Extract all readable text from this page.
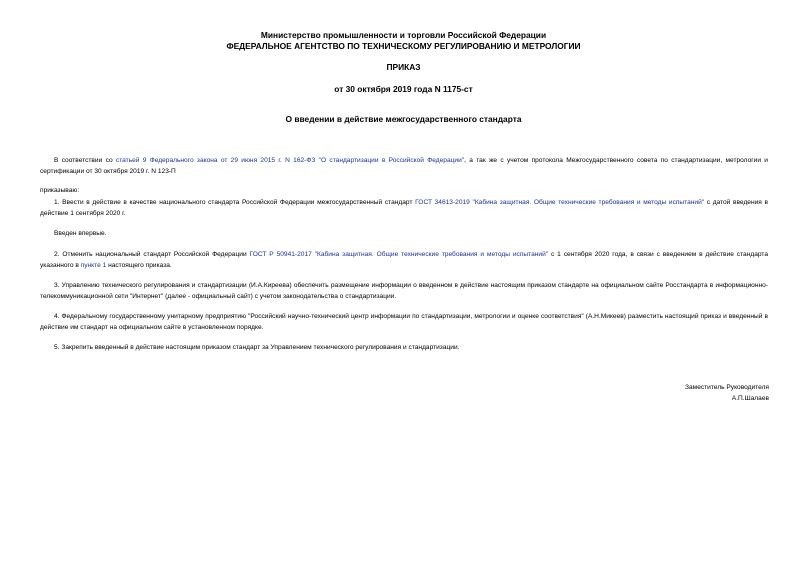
Министерство промышленности и торговли Российской Федерации
ФЕДЕРАЛЬНОЕ АГЕНТСТВО ПО ТЕХНИЧЕСКОМУ РЕГУЛИРОВАНИЮ И МЕТРОЛОГИИ
ПРИКАЗ
от 30 октября 2019 года N 1175-ст
О введении в действие межгосударственного стандарта
В соответствии со статьей 9 Федерального закона от 29 июня 2015 г. N 162-ФЗ "О стандартизации в Российской Федерации", а так же с учетом протокола Межгосударственного совета по стандартизации, метрологии и сертификации от 30 октября 2019 г. N 123-П
приказываю:
1. Ввести в действие в качестве национального стандарта Российской Федерации межгосударственный стандарт ГОСТ 34613-2019 "Кабина защитная. Общие технические требования и методы испытаний" с датой введения в действие 1 сентября 2020 г.
Введен впервые.
2. Отменить национальный стандарт Российской Федерации ГОСТ Р 50941-2017 "Кабина защитная. Общие технические требования и методы испытаний" с 1 сентября 2020 года, в связи с введением в действие стандарта указанного в пункте 1 настоящего приказа.
3. Управлению технического регулирования и стандартизации (И.А.Киреева) обеспечить размещение информации о введенном в действие настоящим приказом стандарте на официальном сайте Росстандарта в информационно-телекоммуникационной сети "Интернет" (далее - официальный сайт) с учетом законодательства о стандартизации.
4. Федеральному государственному унитарному предприятию "Российский научно-технический центр информации по стандартизации, метрологии и оценке соответствия" (А.Н.Микеев) разместить настоящий приказ и введенный в действие им стандарт на официальном сайте в установленном порядке.
5. Закрепить введенный в действие настоящим приказом стандарт за Управлением технического регулирования и стандартизации.
Заместитель Руководителя
А.П.Шалаев
